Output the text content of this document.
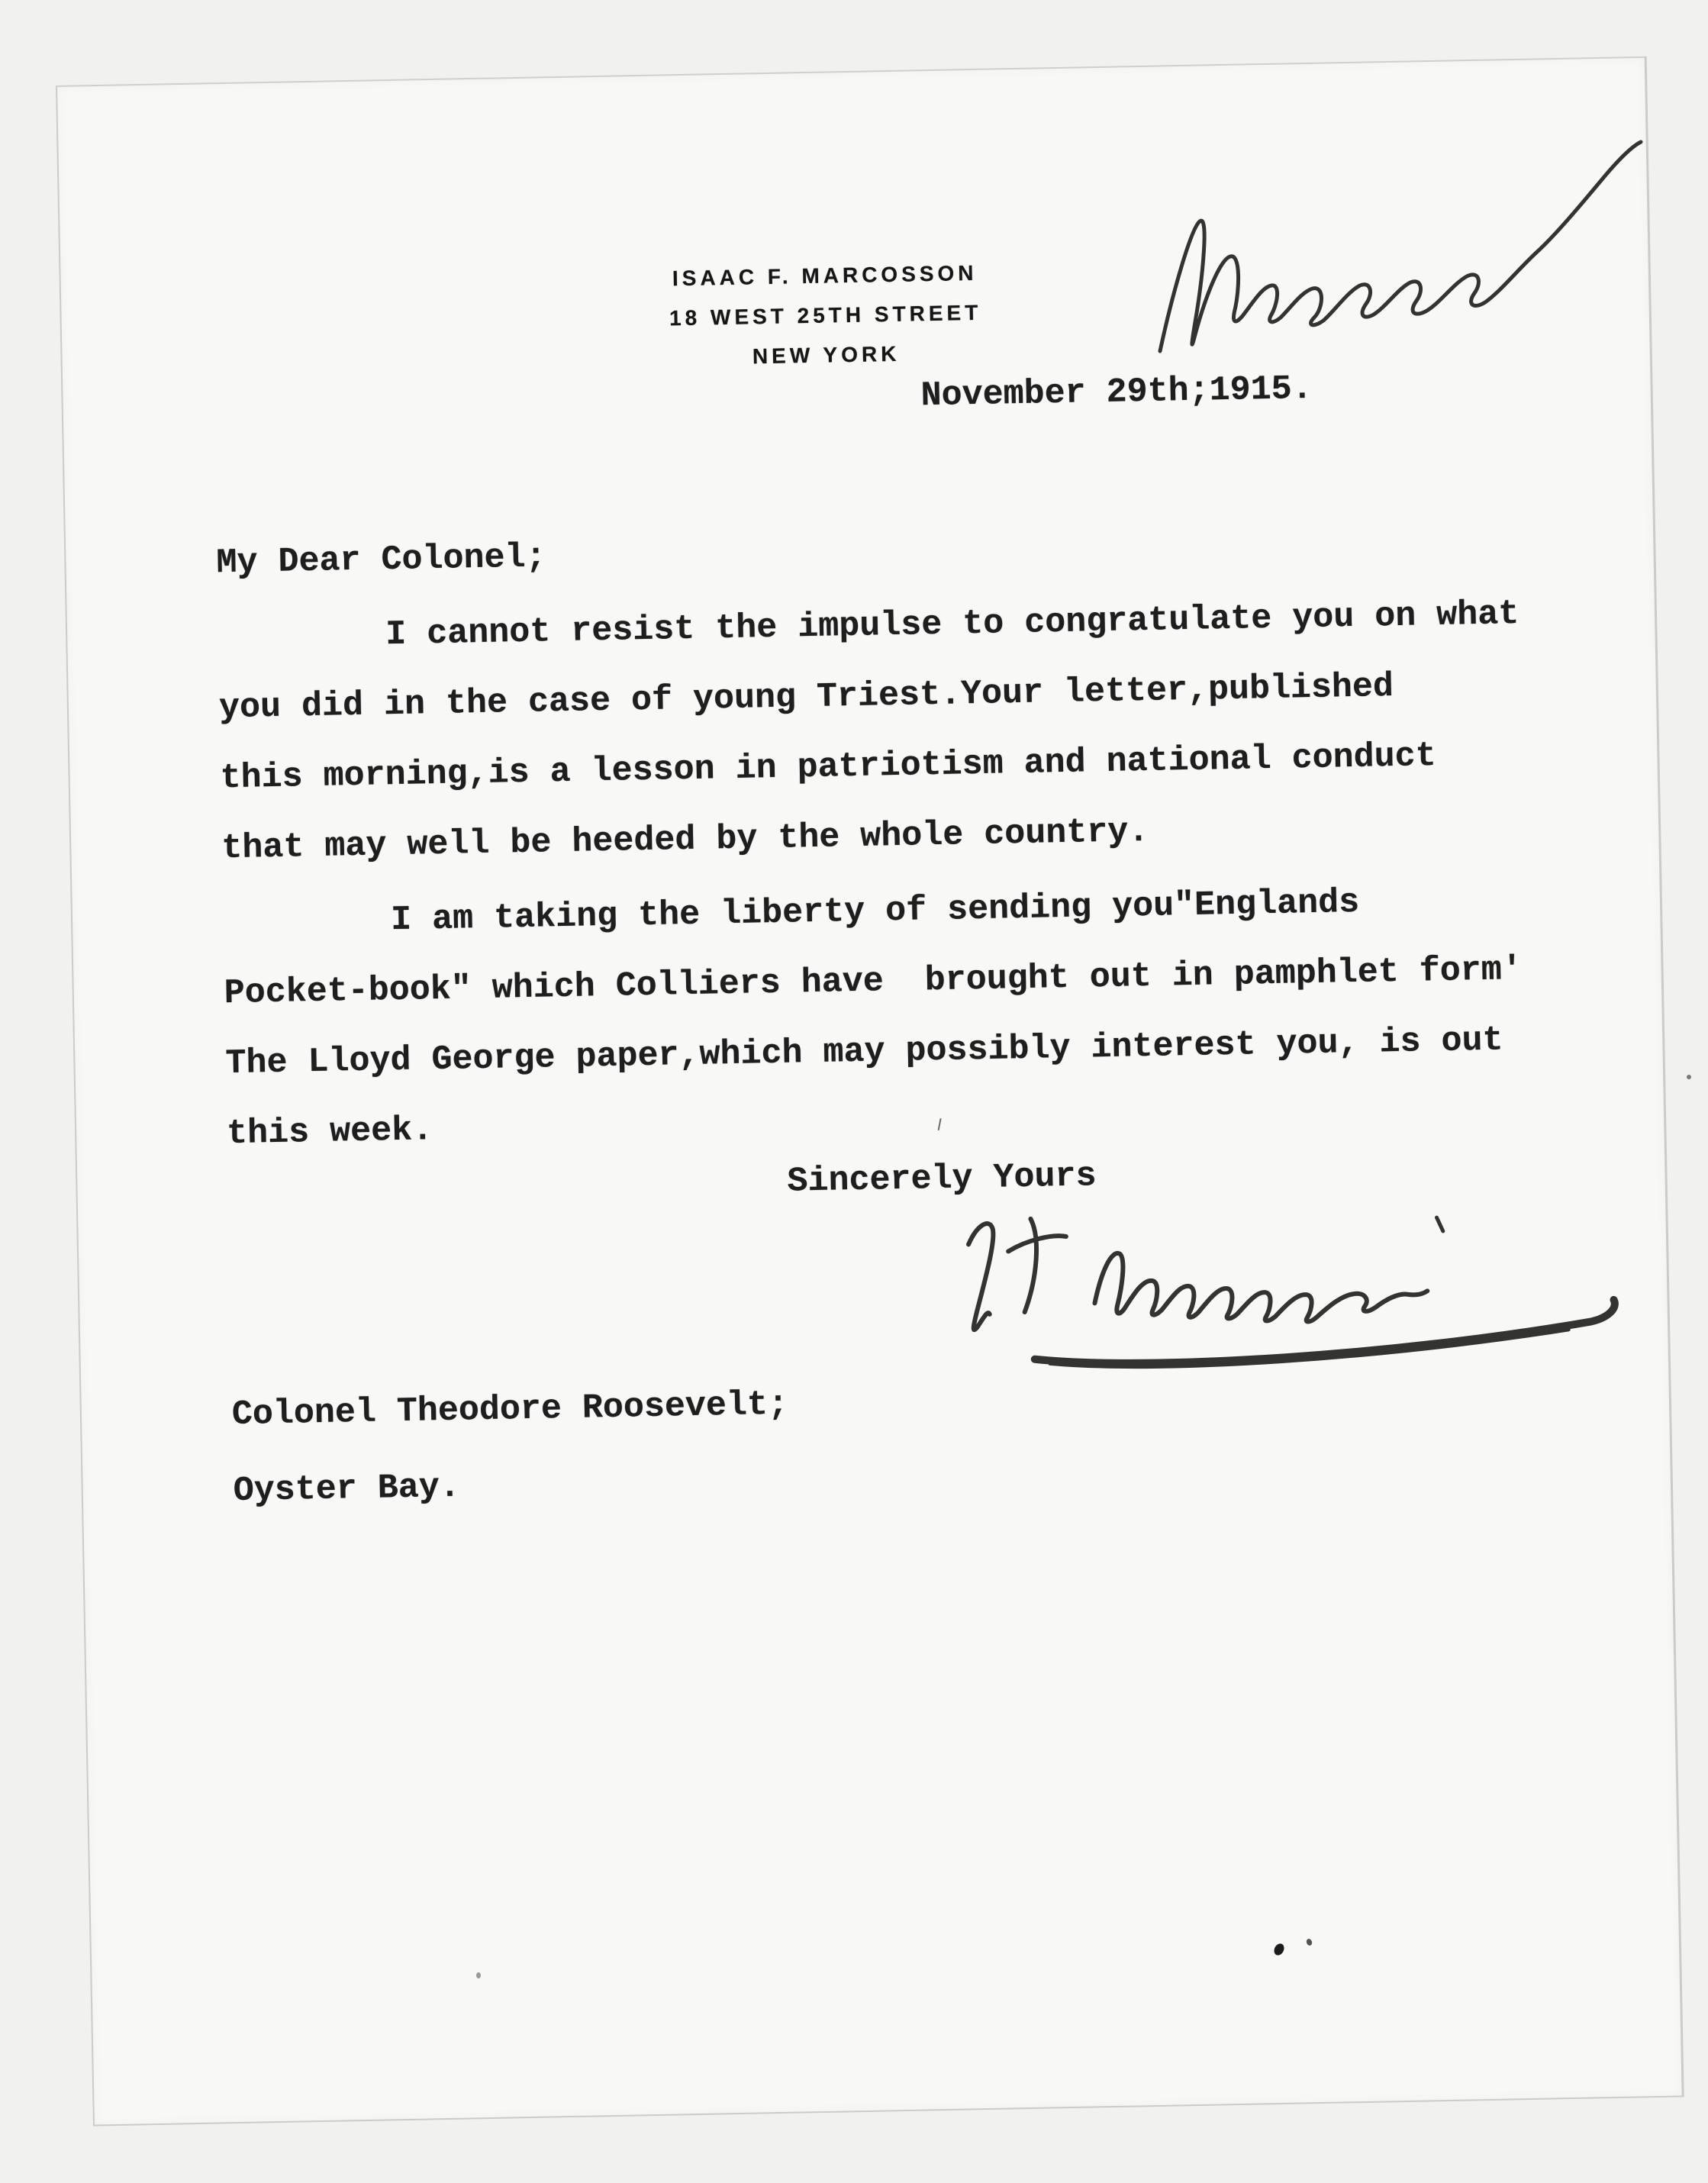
ISAAC F. MARCOSSON
18 WEST 25TH STREET
NEW YORK
November 29th;1915.
My Dear Colonel;
I cannot resist the impulse to congratulate you on what
you did in the case of young Triest.Your letter,published
this morning,is a lesson in patriotism and national conduct
that may well be heeded by the whole country.
I am taking the liberty of sending you"Englands
Pocket-book" which Colliers have  brought out in pamphlet form'
The Lloyd George paper,which may possibly interest you, is out
this week.
Sincerely Yours
Colonel Theodore Roosevelt;
Oyster Bay.
